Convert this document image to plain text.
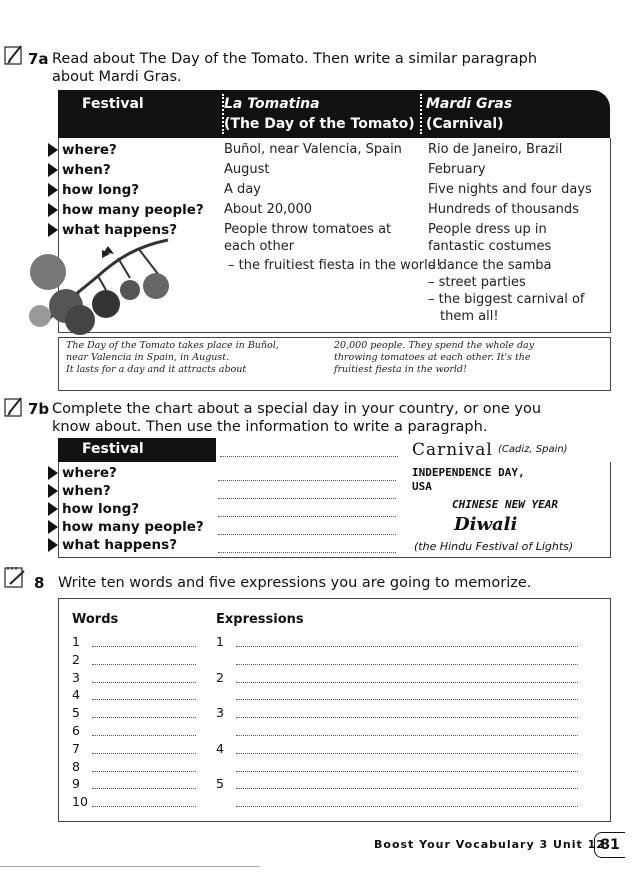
7a Read about The Day of the Tomato. Then write a similar paragraph about Mardi Gras.
Festival	La Tomatina
(The Day of the Tomato)
Mardi Gras
(Carnival)
where?
when?
how long?
how many people?
what happens?
Buñol, near Valencia, Spain
August
A day
About 20,000
People throw tomatoes at
each other
– the fruitiest fiesta in the world!
Rio de Janeiro, Brazil
February
Five nights and four days
Hundreds of thousands
People dress up in
fantastic costumes
– dance the samba
– street parties
– the biggest carnival of
them all!
The Day of the Tomato takes place in Buñol,
near Valencia in Spain, in August.
It lasts for a day and it attracts about
20,000 people. They spend the whole day
throwing tomatoes at each other. It's the
fruitiest fiesta in the world!
7b Complete the chart about a special day in your country, or one you know about. Then use the information to write a paragraph.
Festival
where?
when?
how long?
how many people?
what happens?
Carnival (Cadiz, Spain)
INDEPENDENCE DAY,
USA
CHINESE NEW YEAR
Diwali
(the Hindu Festival of Lights)
8 Write ten words and five expressions you are going to memorize.
Words	Expressions
1
2
3
4
5
6
7
8
9
10
1
2
3
4
5
Boost Your Vocabulary 3 Unit 12
81
